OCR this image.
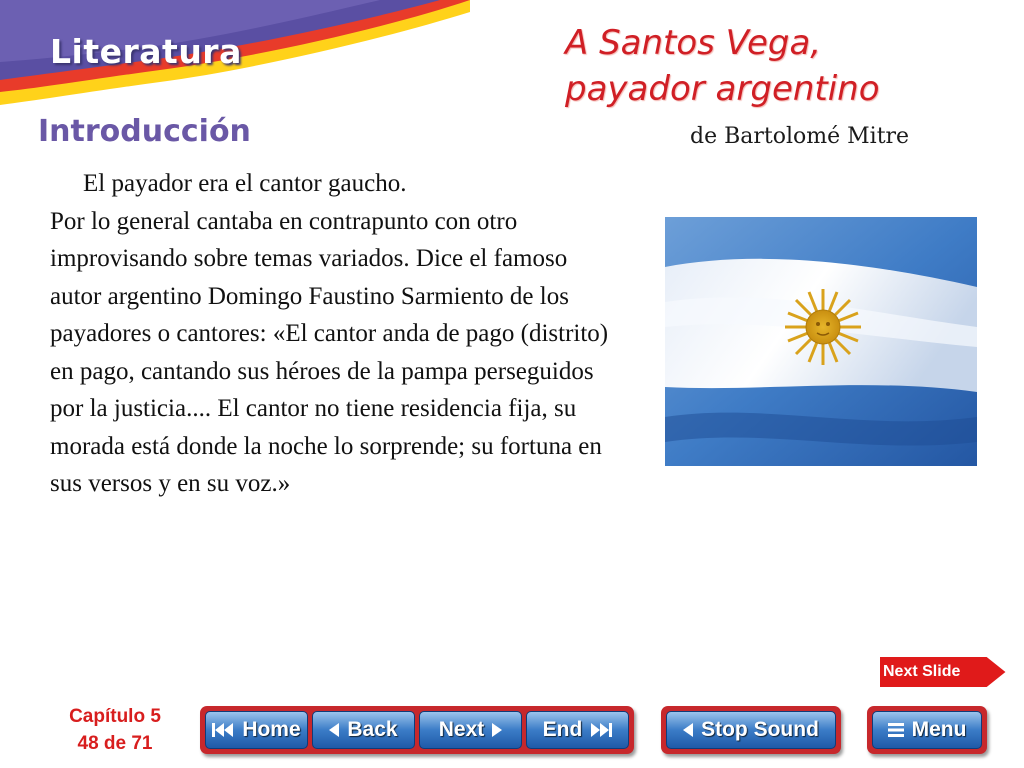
Literatura
Introducción
A Santos Vega,
payador argentino
de Bartolomé Mitre
El payador era el cantor gaucho.
Por lo general cantaba en contrapunto con otro improvisando sobre temas variados. Dice el famoso autor argentino Domingo Faustino Sarmiento de los payadores o cantores: «El cantor anda de pago (distrito) en pago, cantando sus héroes de la pampa perseguidos por la justicia.... El cantor no tiene residencia fija, su morada está donde la noche lo sorprende; su fortuna en sus versos y en su voz.»
Next Slide
Capítulo 5
48 de 71
Home Back Next	End	Stop Sound	Menu
